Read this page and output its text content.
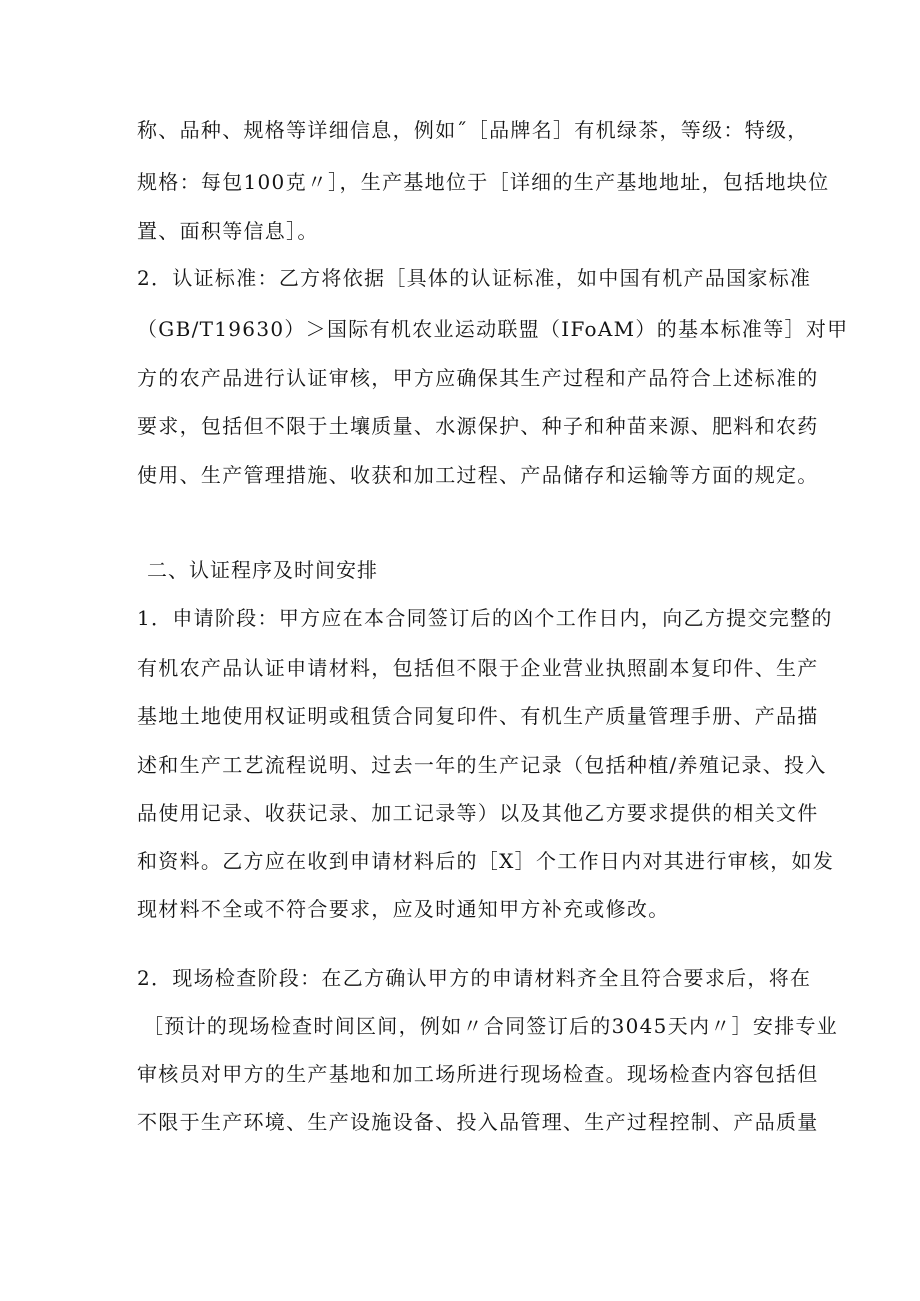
称、品种、规格等详细信息，例如˝［品牌名］有机绿茶，等级：特级，
规格：每包100克〃］，生产基地位于［详细的生产基地地址，包括地块位
置、面积等信息］。
2．认证标准：乙方将依据［具体的认证标准，如中国有机产品国家标准
（GB/T19630）＞国际有机农业运动联盟（IFoAM）的基本标准等］对甲
方的农产品进行认证审核，甲方应确保其生产过程和产品符合上述标准的
要求，包括但不限于土壤质量、水源保护、种子和种苗来源、肥料和农药
使用、生产管理措施、收获和加工过程、产品储存和运输等方面的规定。
二、认证程序及时间安排
1．申请阶段：甲方应在本合同签订后的凶个工作日内，向乙方提交完整的
有机农产品认证申请材料，包括但不限于企业营业执照副本复印件、生产
基地土地使用权证明或租赁合同复印件、有机生产质量管理手册、产品描
述和生产工艺流程说明、过去一年的生产记录（包括种植/养殖记录、投入
品使用记录、收获记录、加工记录等）以及其他乙方要求提供的相关文件
和资料。乙方应在收到申请材料后的［X］个工作日内对其进行审核，如发
现材料不全或不符合要求，应及时通知甲方补充或修改。
2．现场检查阶段：在乙方确认甲方的申请材料齐全且符合要求后，将在
［预计的现场检查时间区间，例如〃合同签订后的3045天内〃］安排专业
审核员对甲方的生产基地和加工场所进行现场检查。现场检查内容包括但
不限于生产环境、生产设施设备、投入品管理、生产过程控制、产品质量
